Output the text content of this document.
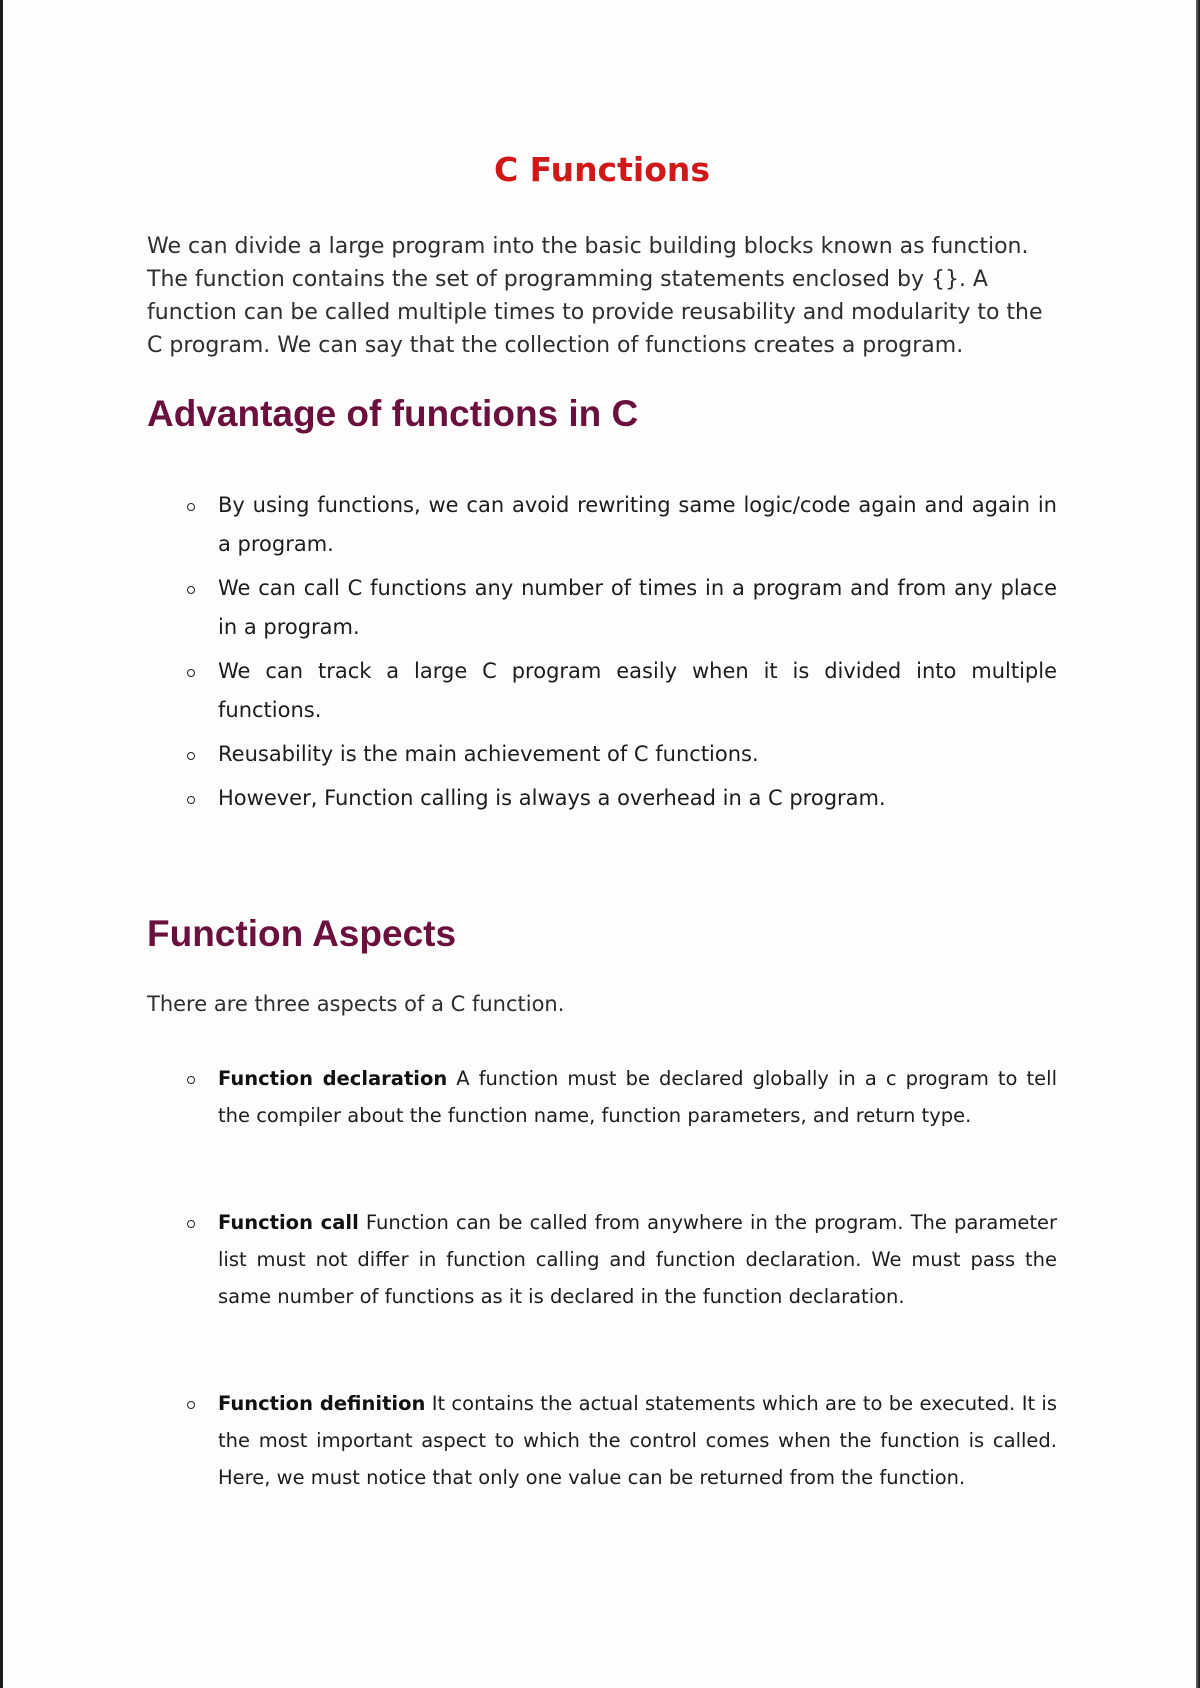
C Functions

We can divide a large program into the basic building blocks known as function. The function contains the set of programming statements enclosed by {}. A function can be called multiple times to provide reusability and modularity to the C program. We can say that the collection of functions creates a program.

Advantage of functions in C
By using functions, we can avoid rewriting same logic/code again and again in a program.
We can call C functions any number of times in a program and from any place in a program.
We can track a large C program easily when it is divided into multiple functions.
Reusability is the main achievement of C functions.
However, Function calling is always a overhead in a C program.
Function Aspects

There are three aspects of a C function.

Function declaration A function must be declared globally in a c program to tell the compiler about the function name, function parameters, and return type.
Function call Function can be called from anywhere in the program. The parameter list must not differ in function calling and function declaration. We must pass the same number of functions as it is declared in the function declaration.
Function definition It contains the actual statements which are to be executed. It is the most important aspect to which the control comes when the function is called. Here, we must notice that only one value can be returned from the function.
